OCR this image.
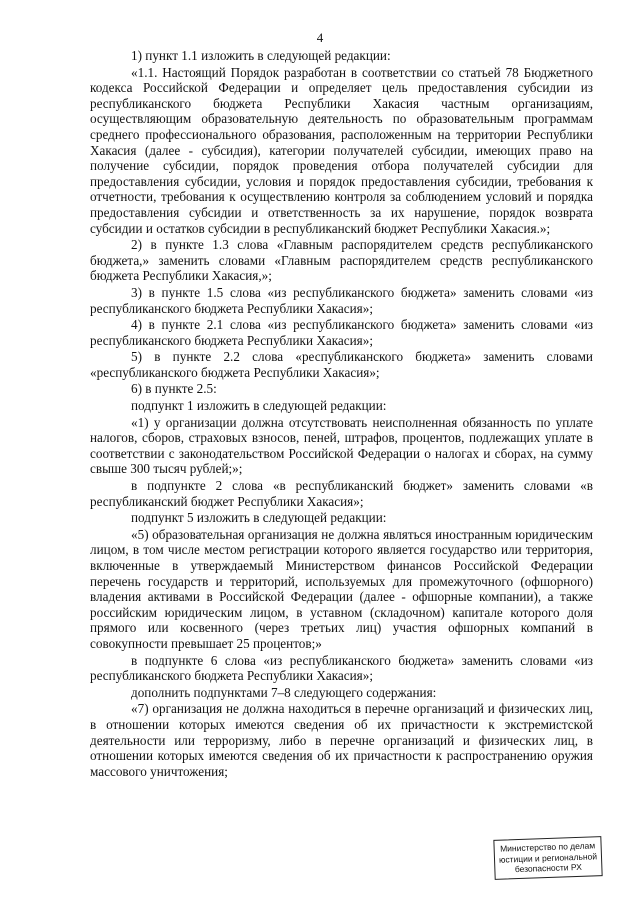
4

1) пункт 1.1 изложить в следующей редакции:

«1.1. Настоящий Порядок разработан в соответствии со статьей 78 Бюджетного кодекса Российской Федерации и определяет цель предоставления субсидии из республиканского бюджета Республики Хакасия частным организациям, осуществляющим образовательную деятельность по образовательным программам среднего профессионального образования, расположенным на территории Республики Хакасия (далее - субсидия), категории получателей субсидии, имеющих право на получение субсидии, порядок проведения отбора получателей субсидии для предоставления субсидии, условия и порядок предоставления субсидии, требования к отчетности, требования к осуществлению контроля за соблюдением условий и порядка предоставления субсидии и ответственность за их нарушение, порядок возврата субсидии и остатков субсидии в республиканский бюджет Республики Хакасия.»;

2) в пункте 1.3 слова «Главным распорядителем средств республиканского бюджета,» заменить словами «Главным распорядителем средств республиканского бюджета Республики Хакасия,»;

3) в пункте 1.5 слова «из республиканского бюджета» заменить словами «из республиканского бюджета Республики Хакасия»;

4) в пункте 2.1 слова «из республиканского бюджета» заменить словами «из республиканского бюджета Республики Хакасия»;

5) в пункте 2.2 слова «республиканского бюджета» заменить словами «республиканского бюджета Республики Хакасия»;

6) в пункте 2.5:

подпункт 1 изложить в следующей редакции:

«1) у организации должна отсутствовать неисполненная обязанность по уплате налогов, сборов, страховых взносов, пеней, штрафов, процентов, подлежащих уплате в соответствии с законодательством Российской Федерации о налогах и сборах, на сумму свыше 300 тысяч рублей;»;

в подпункте 2 слова «в республиканский бюджет» заменить словами «в республиканский бюджет Республики Хакасия»;

подпункт 5 изложить в следующей редакции:

«5) образовательная организация не должна являться иностранным юридическим лицом, в том числе местом регистрации которого является государство или территория, включенные в утверждаемый Министерством финансов Российской Федерации перечень государств и территорий, используемых для промежуточного (офшорного) владения активами в Российской Федерации (далее - офшорные компании), а также российским юридическим лицом, в уставном (складочном) капитале которого доля прямого или косвенного (через третьих лиц) участия офшорных компаний в совокупности превышает 25 процентов;»

в подпункте 6 слова «из республиканского бюджета» заменить словами «из республиканского бюджета Республики Хакасия»;

дополнить подпунктами 7–8 следующего содержания:

«7) организация не должна находиться в перечне организаций и физических лиц, в отношении которых имеются сведения об их причастности к экстремистской деятельности или терроризму, либо в перечне организаций и физических лиц, в отношении которых имеются сведения об их причастности к распространению оружия массового уничтожения;

Министерство по делам
юстиции и региональной
безопасности РХ
